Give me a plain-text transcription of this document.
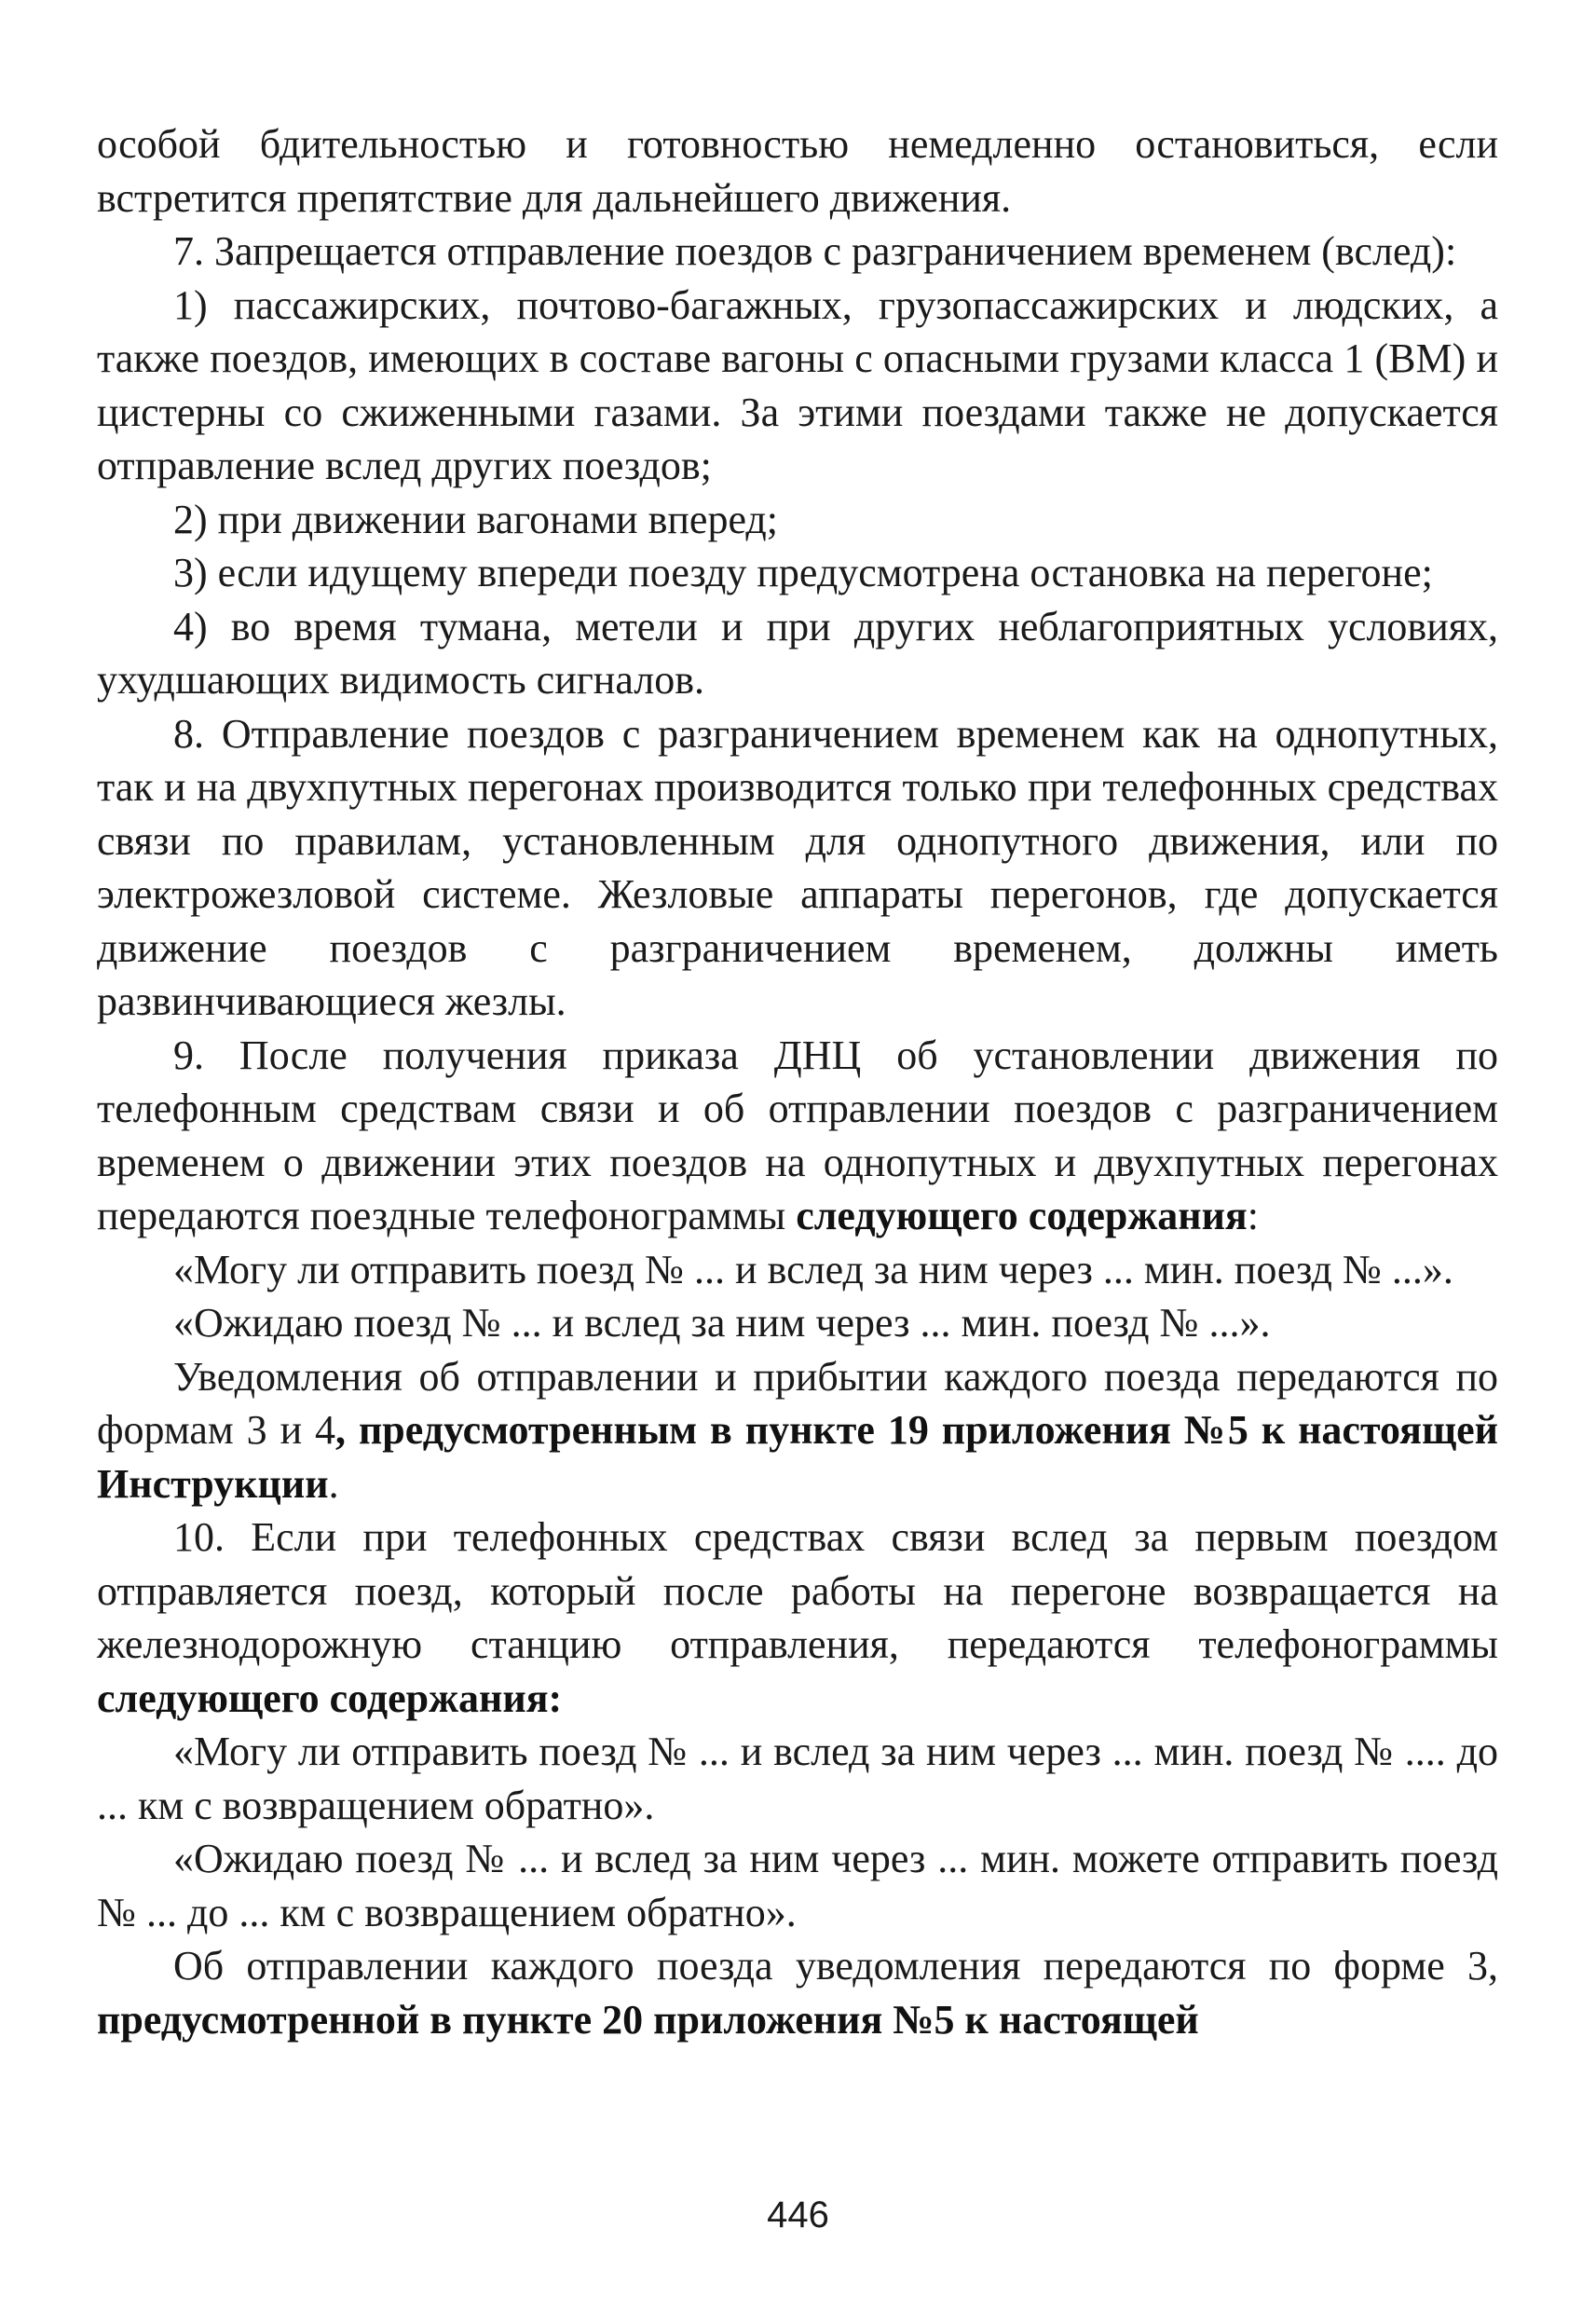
особой бдительностью и готовностью немедленно остановиться, если встретится препятствие для дальнейшего движения.

7. Запрещается отправление поездов с разграничением временем (вслед):

1) пассажирских, почтово-багажных, грузопассажирских и людских, а также поездов, имеющих в составе вагоны с опасными грузами класса 1 (ВМ) и цистерны со сжиженными газами. За этими поездами также не допускается отправление вслед других поездов;

2) при движении вагонами вперед;

3) если идущему впереди поезду предусмотрена остановка на перегоне;

4) во время тумана, метели и при других неблагоприятных условиях, ухудшающих видимость сигналов.

8. Отправление поездов с разграничением временем как на однопутных, так и на двухпутных перегонах производится только при телефонных средствах связи по правилам, установленным для однопутного движения, или по электрожезловой системе. Жезловые аппараты перегонов, где допускается движение поездов с разграничением временем, должны иметь развинчивающиеся жезлы.

9. После получения приказа ДНЦ об установлении движения по телефонным средствам связи и об отправлении поездов с разграничением временем о движении этих поездов на однопутных и двухпутных перегонах передаются поездные телефонограммы следующего содержания:

«Могу ли отправить поезд № ... и вслед за ним через ... мин. поезд № ...».

«Ожидаю поезд № ... и вслед за ним через ... мин. поезд № ...».

Уведомления об отправлении и прибытии каждого поезда передаются по формам 3 и 4, предусмотренным в пункте 19 приложения №5 к настоящей Инструкции.

10. Если при телефонных средствах связи вслед за первым поездом отправляется поезд, который после работы на перегоне возвращается на железнодорожную станцию отправления, передаются телефонограммы следующего содержания:

«Могу ли отправить поезд № ... и вслед за ним через ... мин. поезд № .... до ... км с возвращением обратно».

«Ожидаю поезд № ... и вслед за ним через ... мин. можете отправить поезд № ... до ... км с возвращением обратно».

Об отправлении каждого поезда уведомления передаются по форме 3, предусмотренной в пункте 20 приложения №5 к настоящей

446
